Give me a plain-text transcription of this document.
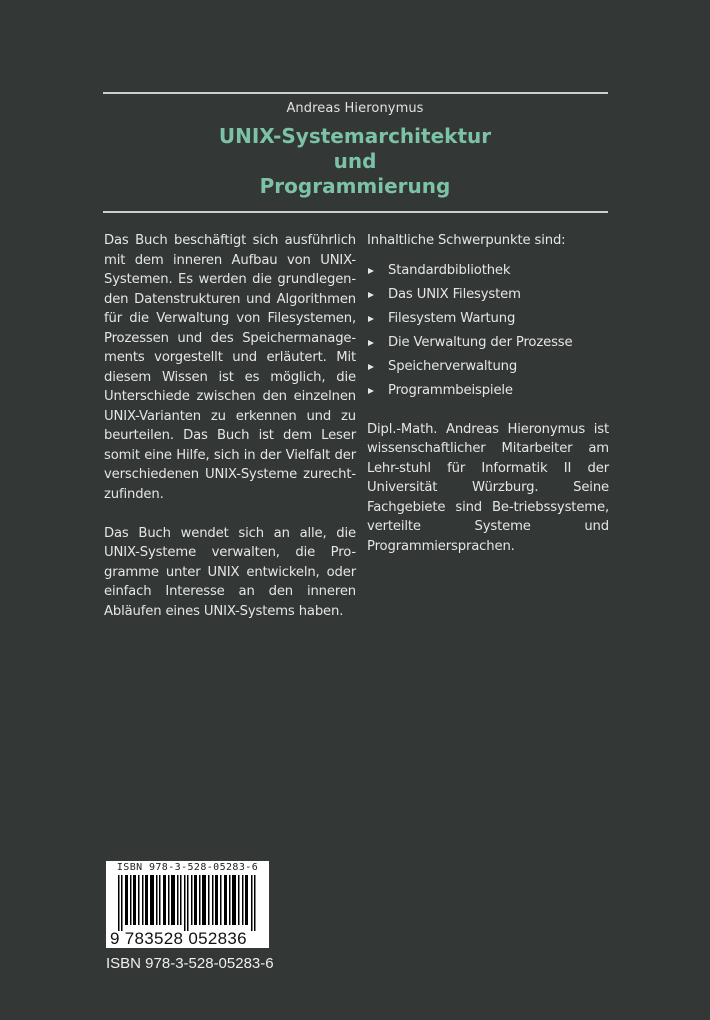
Andreas Hieronymus
UNIX-Systemarchitektur
und
Programmierung

Das Buch beschäftigt sich ausführlich mit dem inneren Aufbau von UNIX-Systemen. Es werden die grundlegen-den Datenstrukturen und Algorithmen für die Verwaltung von Filesystemen, Prozessen und des Speichermanage-ments vorgestellt und erläutert. Mit diesem Wissen ist es möglich, die Unterschiede zwischen den einzelnen UNIX-Varianten zu erkennen und zu beurteilen. Das Buch ist dem Leser somit eine Hilfe, sich in der Vielfalt der verschiedenen UNIX-Systeme zurecht-zufinden.

Das Buch wendet sich an alle, die UNIX-Systeme verwalten, die Pro-gramme unter UNIX entwickeln, oder einfach Interesse an den inneren Abläufen eines UNIX-Systems haben.

Inhaltliche Schwerpunkte sind:

Standardbibliothek
Das UNIX Filesystem
Filesystem Wartung
Die Verwaltung der Prozesse
Speicherverwaltung
Programmbeispiele

Dipl.-Math. Andreas Hieronymus ist wissenschaftlicher Mitarbeiter am Lehr-stuhl für Informatik II der Universität Würzburg. Seine Fachgebiete sind Be-triebssysteme, verteilte Systeme und Programmiersprachen.

ISBN 978-3-528-05283-6
9 783528 052836
ISBN 978-3-528-05283-6
